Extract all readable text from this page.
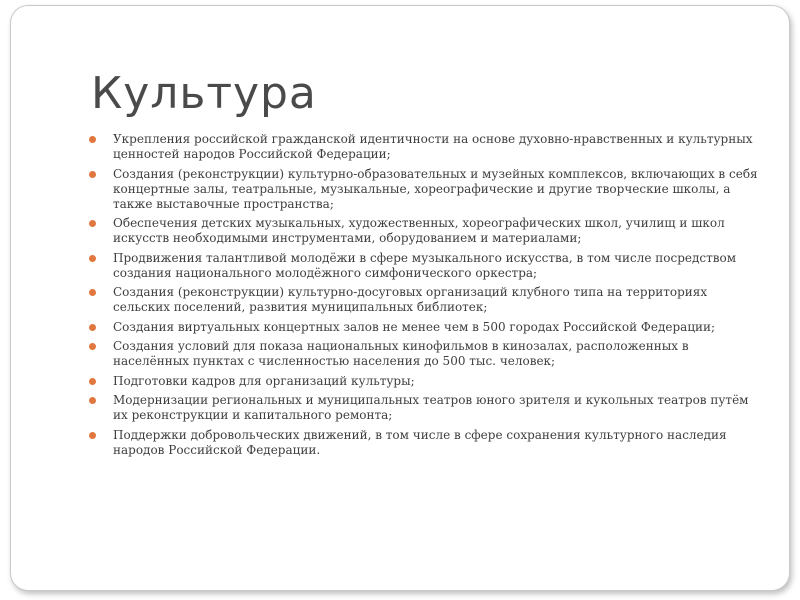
Культура
Укрепления российской гражданской идентичности на основе духовно-нравственных и культурных ценностей народов Российской Федерации;
Создания (реконструкции) культурно-образовательных и музейных комплексов, включающих в себя концертные залы, театральные, музыкальные, хореографические и другие творческие школы, а также выставочные пространства;
Обеспечения детских музыкальных, художественных, хореографических школ, училищ и школ искусств необходимыми инструментами, оборудованием и материалами;
Продвижения талантливой молодёжи в сфере музыкального искусства, в том числе посредством создания национального молодёжного симфонического оркестра;
Создания (реконструкции) культурно-досуговых организаций клубного типа на территориях сельских поселений, развития муниципальных библиотек;
Создания виртуальных концертных залов не менее чем в 500 городах Российской Федерации;
Создания условий для показа национальных кинофильмов в кинозалах, расположенных в населённых пунктах с численностью населения до 500 тыс. человек;
Подготовки кадров для организаций культуры;
Модернизации региональных и муниципальных театров юного зрителя и кукольных театров путём их реконструкции и капитального ремонта;
Поддержки добровольческих движений, в том числе в сфере сохранения культурного наследия народов Российской Федерации.
